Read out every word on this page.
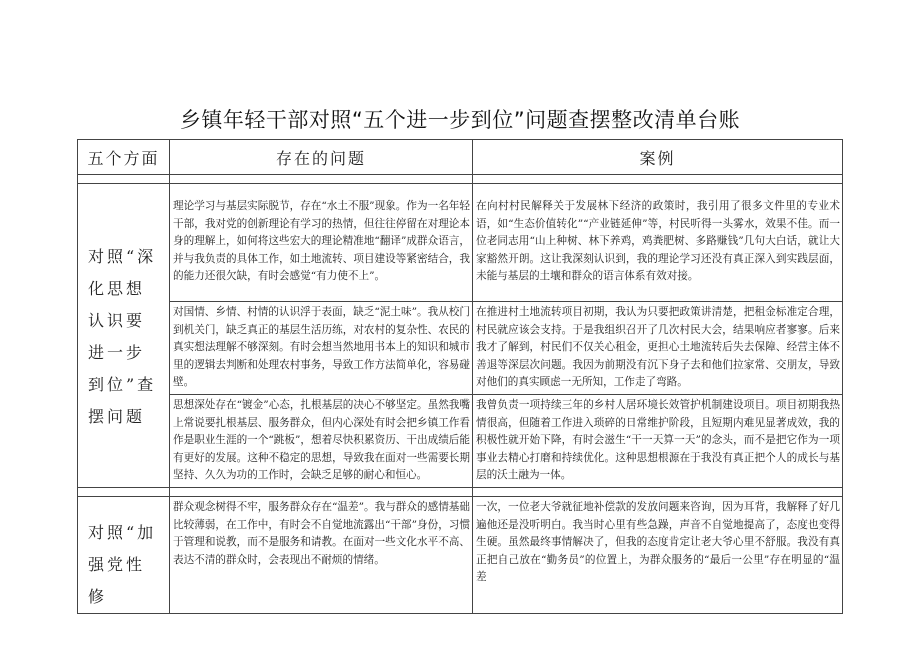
乡镇年轻干部对照“五个进一步到位”问题查摆整改清单台账
五个方面	存在的问题	案例

对照“深化思想认识要进一步到位”查摆问题	理论学习与基层实际脱节，存在“水土不服”现象。作为一名年轻干部，我对党的创新理论有学习的热情，但往往停留在对理论本身的理解上，如何将这些宏大的理论精准地“翻译”成群众语言，并与我负责的具体工作，如土地流转、项目建设等紧密结合，我的能力还很欠缺，有时会感觉“有力使不上”。	在向村村民解释关于发展林下经济的政策时，我引用了很多文件里的专业术语，如“生态价值转化”“产业链延伸”等，村民听得一头雾水，效果不佳。而一位老同志用“山上种树、林下养鸡，鸡粪肥树、多路赚钱”几句大白话，就让大家豁然开朗。这让我深刻认识到，我的理论学习还没有真正深入到实践层面，未能与基层的土壤和群众的语言体系有效对接。
	对国情、乡情、村情的认识浮于表面，缺乏“泥土味”。我从校门到机关门，缺乏真正的基层生活历练，对农村的复杂性、农民的真实想法理解不够深刻。有时会想当然地用书本上的知识和城市里的逻辑去判断和处理农村事务，导致工作方法简单化，容易碰壁。	在推进村土地流转项目初期，我认为只要把政策讲清楚，把租金标准定合理，村民就应该会支持。于是我组织召开了几次村民大会，结果响应者寥寥。后来我才了解到，村民们不仅关心租金，更担心土地流转后失去保障、经营主体不善退等深层次问题。我因为前期没有沉下身子去和他们拉家常、交朋友，导致对他们的真实顾虑一无所知，工作走了弯路。
	思想深处存在“镀金”心态，扎根基层的决心不够坚定。虽然我嘴上常说要扎根基层、服务群众，但内心深处有时会把乡镇工作看作是职业生涯的一个“跳板”，想着尽快积累资历、干出成绩后能有更好的发展。这种不稳定的思想，导致我在面对一些需要长期坚持、久久为功的工作时，会缺乏足够的耐心和恒心。	我曾负责一项持续三年的乡村人居环境长效管护机制建设项目。项目初期我热情很高，但随着工作进入琐碎的日常维护阶段，且短期内难见显著成效，我的积极性就开始下降，有时会滋生“干一天算一天”的念头，而不是把它作为一项事业去精心打磨和持续优化。这种思想根源在于我没有真正把个人的成长与基层的沃土融为一体。

对照“加强党性修	群众观念树得不牢，服务群众存在“温差”。我与群众的感情基础比较薄弱，在工作中，有时会不自觉地流露出“干部”身份，习惯于管理和说教，而不是服务和请教。在面对一些文化水平不高、表达不清的群众时，会表现出不耐烦的情绪。	一次，一位老大爷就征地补偿款的发放问题来咨询，因为耳背，我解释了好几遍他还是没听明白。我当时心里有些急躁，声音不自觉地提高了，态度也变得生硬。虽然最终事情解决了，但我的态度肯定让老大爷心里不舒服。我没有真正把自己放在“勤务员”的位置上，为群众服务的“最后一公里”存在明显的“温差
